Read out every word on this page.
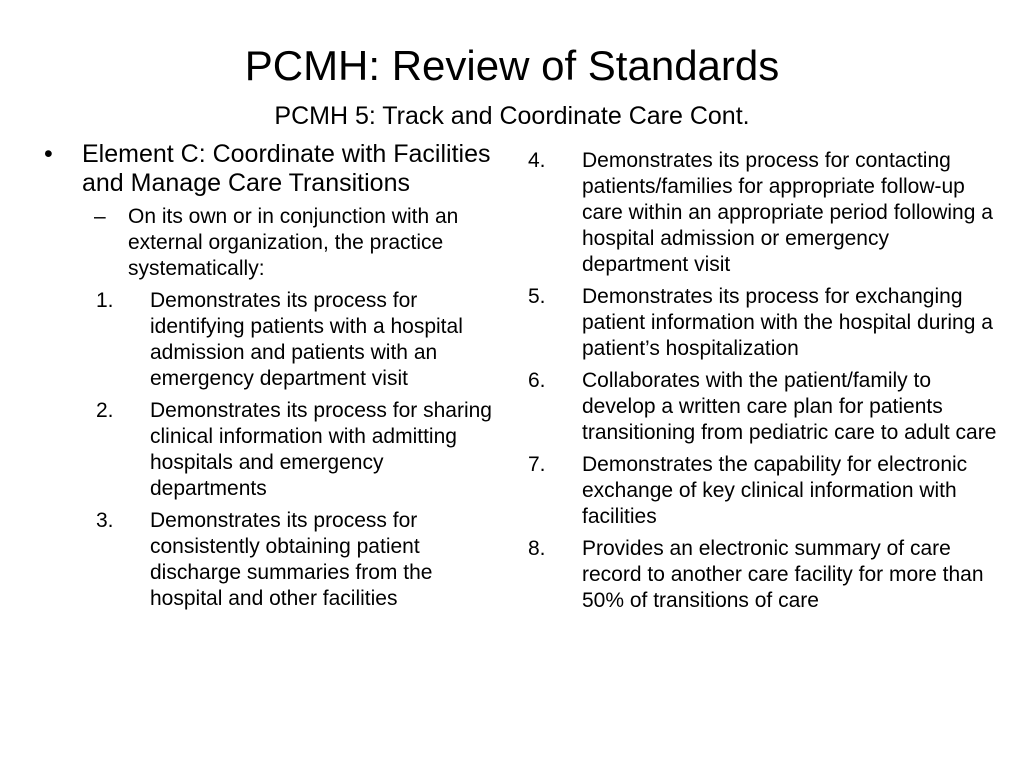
PCMH: Review of Standards
PCMH 5: Track and Coordinate Care Cont.
•	Element C: Coordinate with Facilities and Manage Care Transitions
–	On its own or in conjunction with an external organization, the practice systematically:
1.	Demonstrates its process for identifying patients with a hospital admission and patients with an emergency department visit
2.	Demonstrates its process for sharing clinical information with admitting hospitals and emergency departments
3.	Demonstrates its process for consistently obtaining patient discharge summaries from the hospital and other facilities
4.	Demonstrates its process for contacting patients/families for appropriate follow-up care within an appropriate period following a hospital admission or emergency department visit
5.	Demonstrates its process for exchanging patient information with the hospital during a patient’s hospitalization
6.	Collaborates with the patient/family to develop a written care plan for patients transitioning from pediatric care to adult care
7.	Demonstrates the capability for electronic exchange of key clinical information with facilities
8.	Provides an electronic summary of care record to another care facility for more than 50% of transitions of care
